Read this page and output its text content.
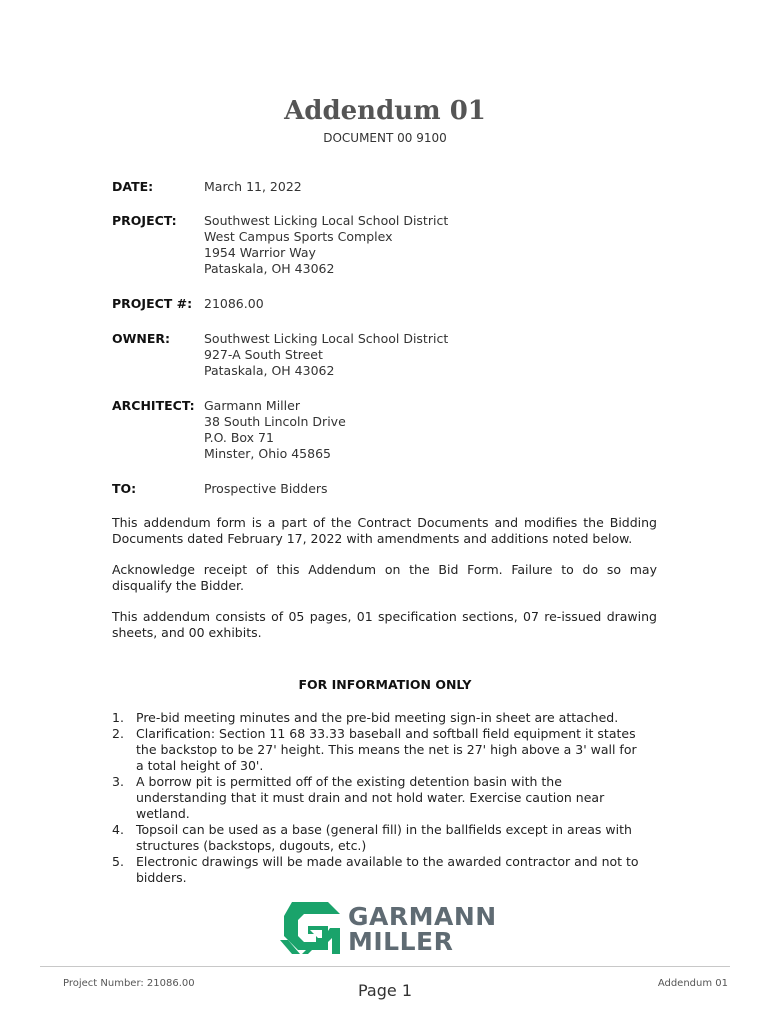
Addendum 01
DOCUMENT 00 9100
DATE:	March 11, 2022
PROJECT:	Southwest Licking Local School District
West Campus Sports Complex
1954 Warrior Way
Pataskala, OH 43062
PROJECT #: 21086.00
OWNER:	Southwest Licking Local School District
927-A South Street
Pataskala, OH 43062
ARCHITECT: Garmann Miller
38 South Lincoln Drive
P.O. Box 71
Minster, Ohio 45865
TO:	Prospective Bidders
This addendum form is a part of the Contract Documents and modifies the Bidding Documents dated February 17, 2022 with amendments and additions noted below.
Acknowledge receipt of this Addendum on the Bid Form. Failure to do so may disqualify the Bidder.
This addendum consists of 05 pages, 01 specification sections, 07 re-issued drawing sheets, and 00 exhibits.
FOR INFORMATION ONLY
1. Pre-bid meeting minutes and the pre-bid meeting sign-in sheet are attached.
2. Clarification: Section 11 68 33.33 baseball and softball field equipment it states the backstop to be 27' height. This means the net is 27' high above a 3' wall for a total height of 30'.
3. A borrow pit is permitted off of the existing detention basin with the understanding that it must drain and not hold water. Exercise caution near wetland.
4. Topsoil can be used as a base (general fill) in the ballfields except in areas with structures (backstops, dugouts, etc.)
5. Electronic drawings will be made available to the awarded contractor and not to bidders.
GARMANN
MILLER
Project Number: 21086.00	Page 1	Addendum 01
